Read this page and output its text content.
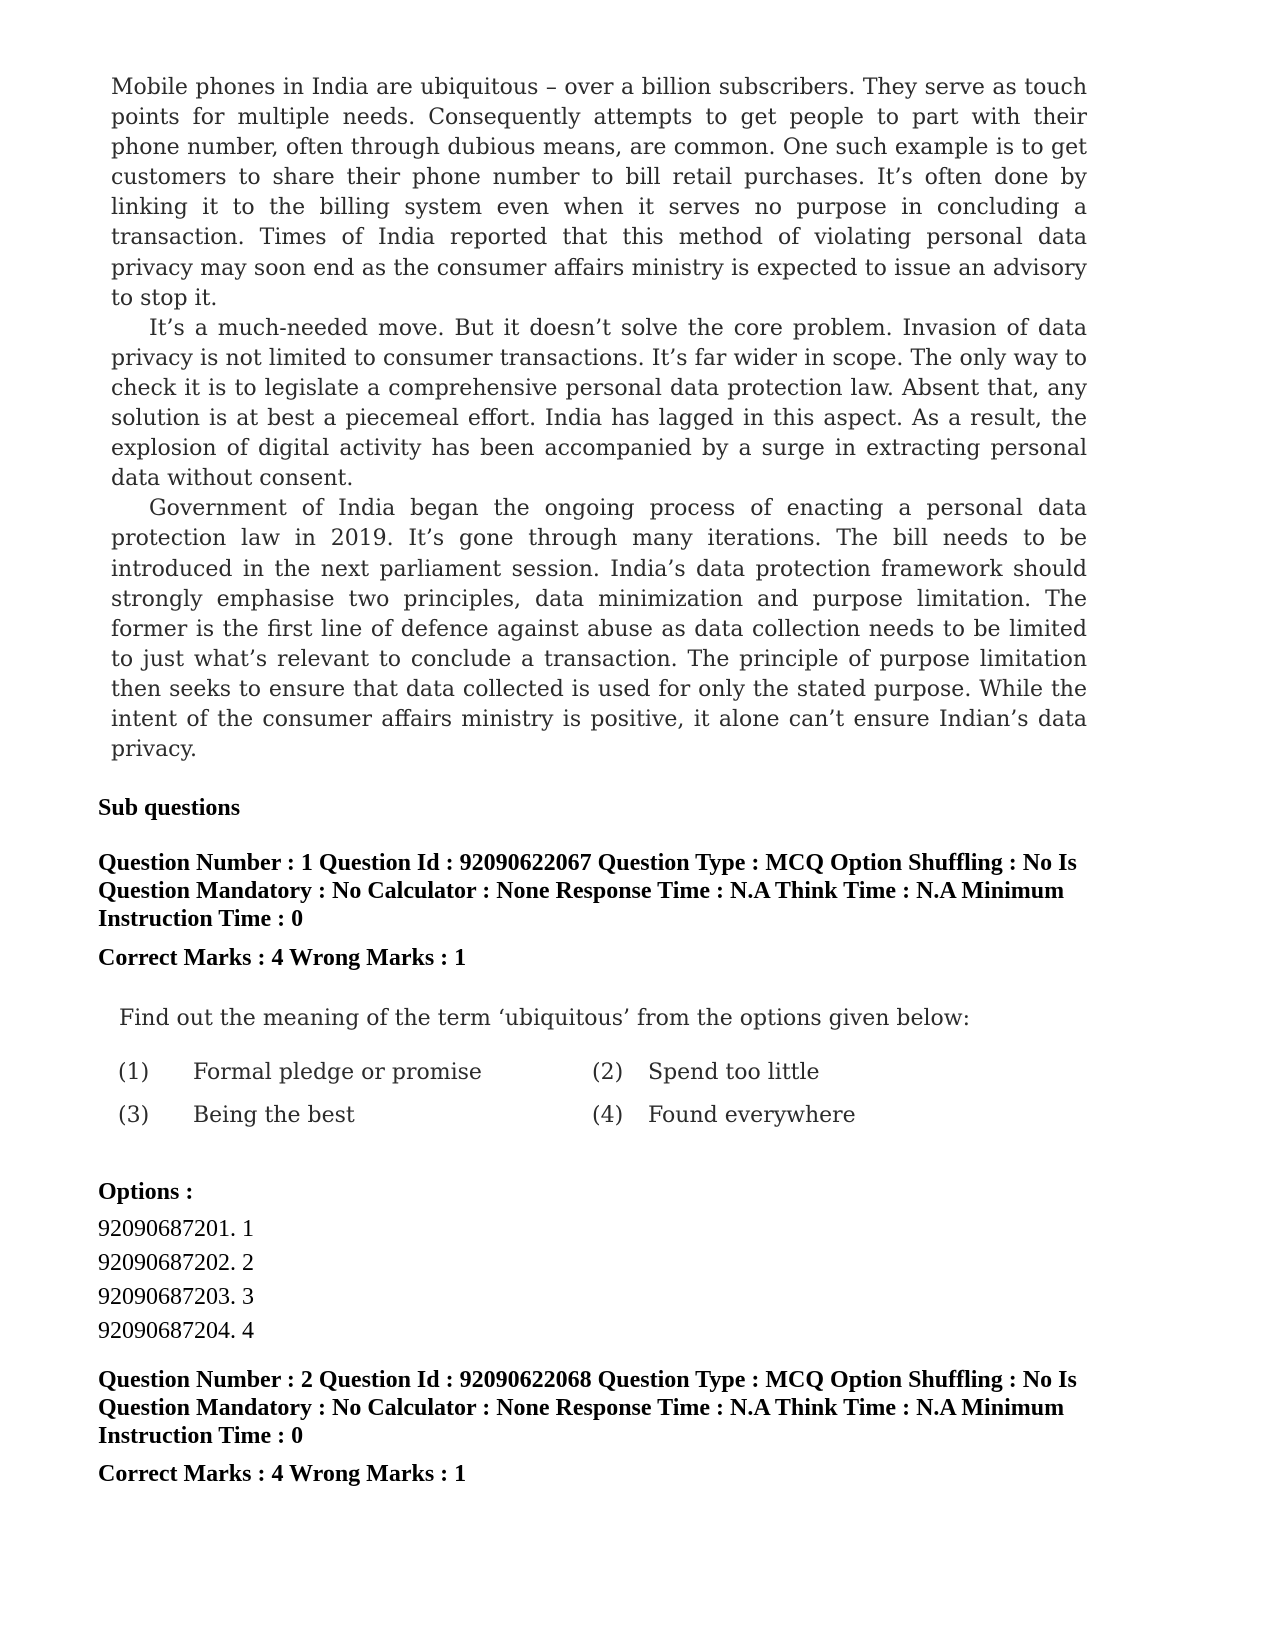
Mobile phones in India are ubiquitous – over a billion subscribers. They serve as touch points for multiple needs. Consequently attempts to get people to part with their phone number, often through dubious means, are common. One such example is to get customers to share their phone number to bill retail purchases. It’s often done by linking it to the billing system even when it serves no purpose in concluding a transaction. Times of India reported that this method of violating personal data privacy may soon end as the consumer affairs ministry is expected to issue an advisory to stop it.

It’s a much-needed move. But it doesn’t solve the core problem. Invasion of data privacy is not limited to consumer transactions. It’s far wider in scope. The only way to check it is to legislate a comprehensive personal data protection law. Absent that, any solution is at best a piecemeal effort. India has lagged in this aspect. As a result, the explosion of digital activity has been accompanied by a surge in extracting personal data without consent.

Government of India began the ongoing process of enacting a personal data protection law in 2019. It’s gone through many iterations. The bill needs to be introduced in the next parliament session. India’s data protection framework should strongly emphasise two principles, data minimization and purpose limitation. The former is the first line of defence against abuse as data collection needs to be limited to just what’s relevant to conclude a transaction. The principle of purpose limitation then seeks to ensure that data collected is used for only the stated purpose. While the intent of the consumer affairs ministry is positive, it alone can’t ensure Indian’s data privacy.

Sub questions
Question Number : 1 Question Id : 92090622067 Question Type : MCQ Option Shuffling : No Is
Question Mandatory : No Calculator : None Response Time : N.A Think Time : N.A Minimum
Instruction Time : 0
Correct Marks : 4 Wrong Marks : 1
Find out the meaning of the term ‘ubiquitous’ from the options given below:
(1) Formal pledge or promise	(2) Spend too little
(3) Being the best	(4) Found everywhere
Options :
92090687201. 1
92090687202. 2
92090687203. 3
92090687204. 4
Question Number : 2 Question Id : 92090622068 Question Type : MCQ Option Shuffling : No Is
Question Mandatory : No Calculator : None Response Time : N.A Think Time : N.A Minimum
Instruction Time : 0
Correct Marks : 4 Wrong Marks : 1
